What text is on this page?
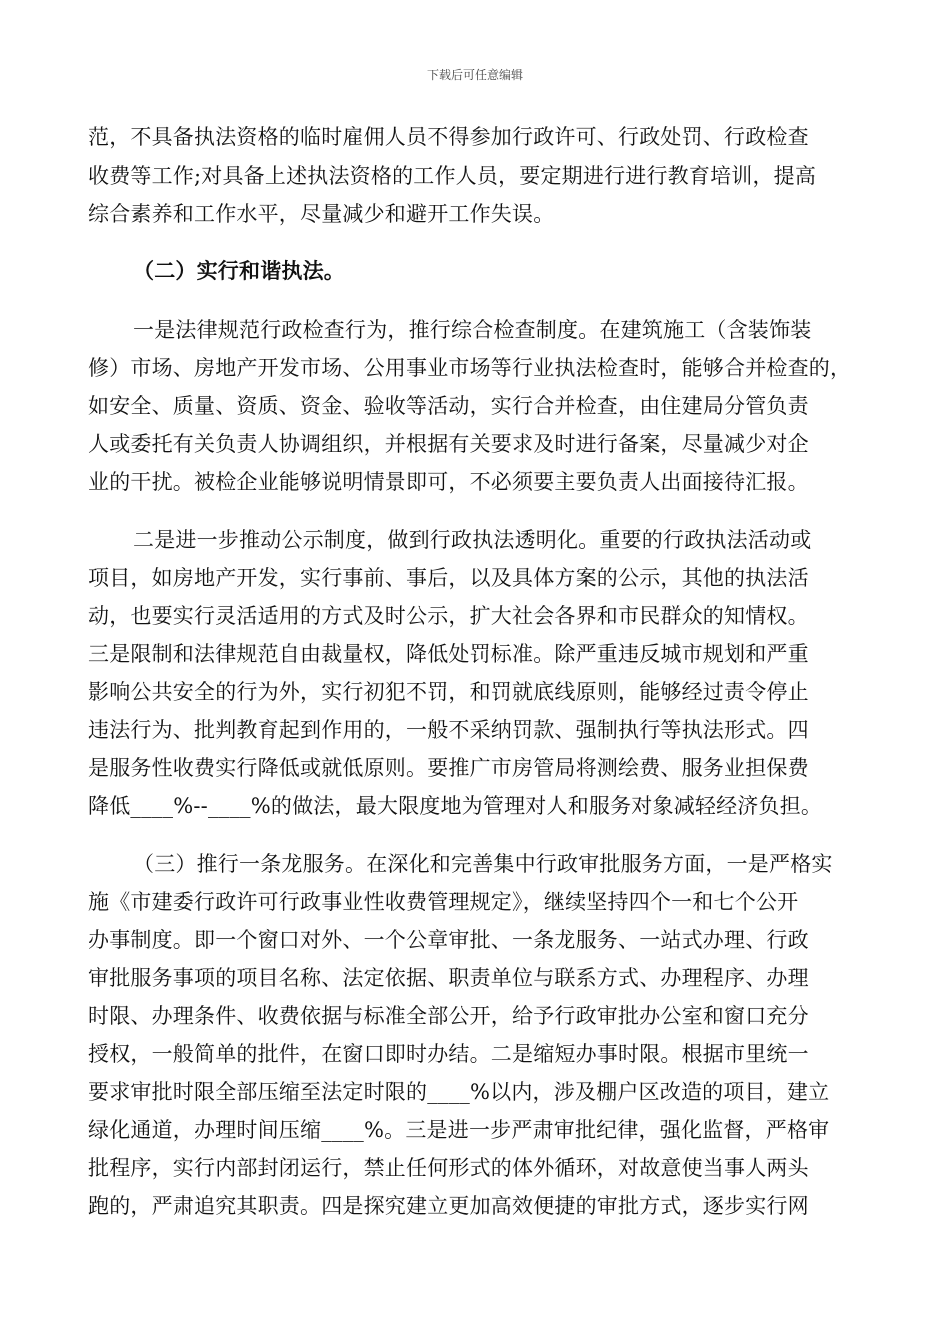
下载后可任意编辑
范，不具备执法资格的临时雇佣人员不得参加行政许可、行政处罚、行政检查
收费等工作;对具备上述执法资格的工作人员，要定期进行进行教育培训，提高
综合素养和工作水平，尽量减少和避开工作失误。
（二）实行和谐执法。
一是法律规范行政检查行为，推行综合检查制度。在建筑施工（含装饰装
修）市场、房地产开发市场、公用事业市场等行业执法检查时，能够合并检查的，
如安全、质量、资质、资金、验收等活动，实行合并检查，由住建局分管负责
人或委托有关负责人协调组织，并根据有关要求及时进行备案，尽量减少对企
业的干扰。被检企业能够说明情景即可，不必须要主要负责人出面接待汇报。
二是进一步推动公示制度，做到行政执法透明化。重要的行政执法活动或
项目，如房地产开发，实行事前、事后，以及具体方案的公示，其他的执法活
动，也要实行灵活适用的方式及时公示，扩大社会各界和市民群众的知情权。
三是限制和法律规范自由裁量权，降低处罚标准。除严重违反城市规划和严重
影响公共安全的行为外，实行初犯不罚，和罚就底线原则，能够经过责令停止
违法行为、批判教育起到作用的，一般不采纳罚款、强制执行等执法形式。四
是服务性收费实行降低或就低原则。要推广市房管局将测绘费、服务业担保费
降低____%--____%的做法，最大限度地为管理对人和服务对象减轻经济负担。
（三）推行一条龙服务。在深化和完善集中行政审批服务方面，一是严格实
施《市建委行政许可行政事业性收费管理规定》，继续坚持四个一和七个公开
办事制度。即一个窗口对外、一个公章审批、一条龙服务、一站式办理、行政
审批服务事项的项目名称、法定依据、职责单位与联系方式、办理程序、办理
时限、办理条件、收费依据与标准全部公开，给予行政审批办公室和窗口充分
授权，一般简单的批件，在窗口即时办结。二是缩短办事时限。根据市里统一
要求审批时限全部压缩至法定时限的____%以内，涉及棚户区改造的项目，建立
绿化通道，办理时间压缩____%。三是进一步严肃审批纪律，强化监督，严格审
批程序，实行内部封闭运行，禁止任何形式的体外循环，对故意使当事人两头
跑的，严肃追究其职责。四是探究建立更加高效便捷的审批方式，逐步实行网
